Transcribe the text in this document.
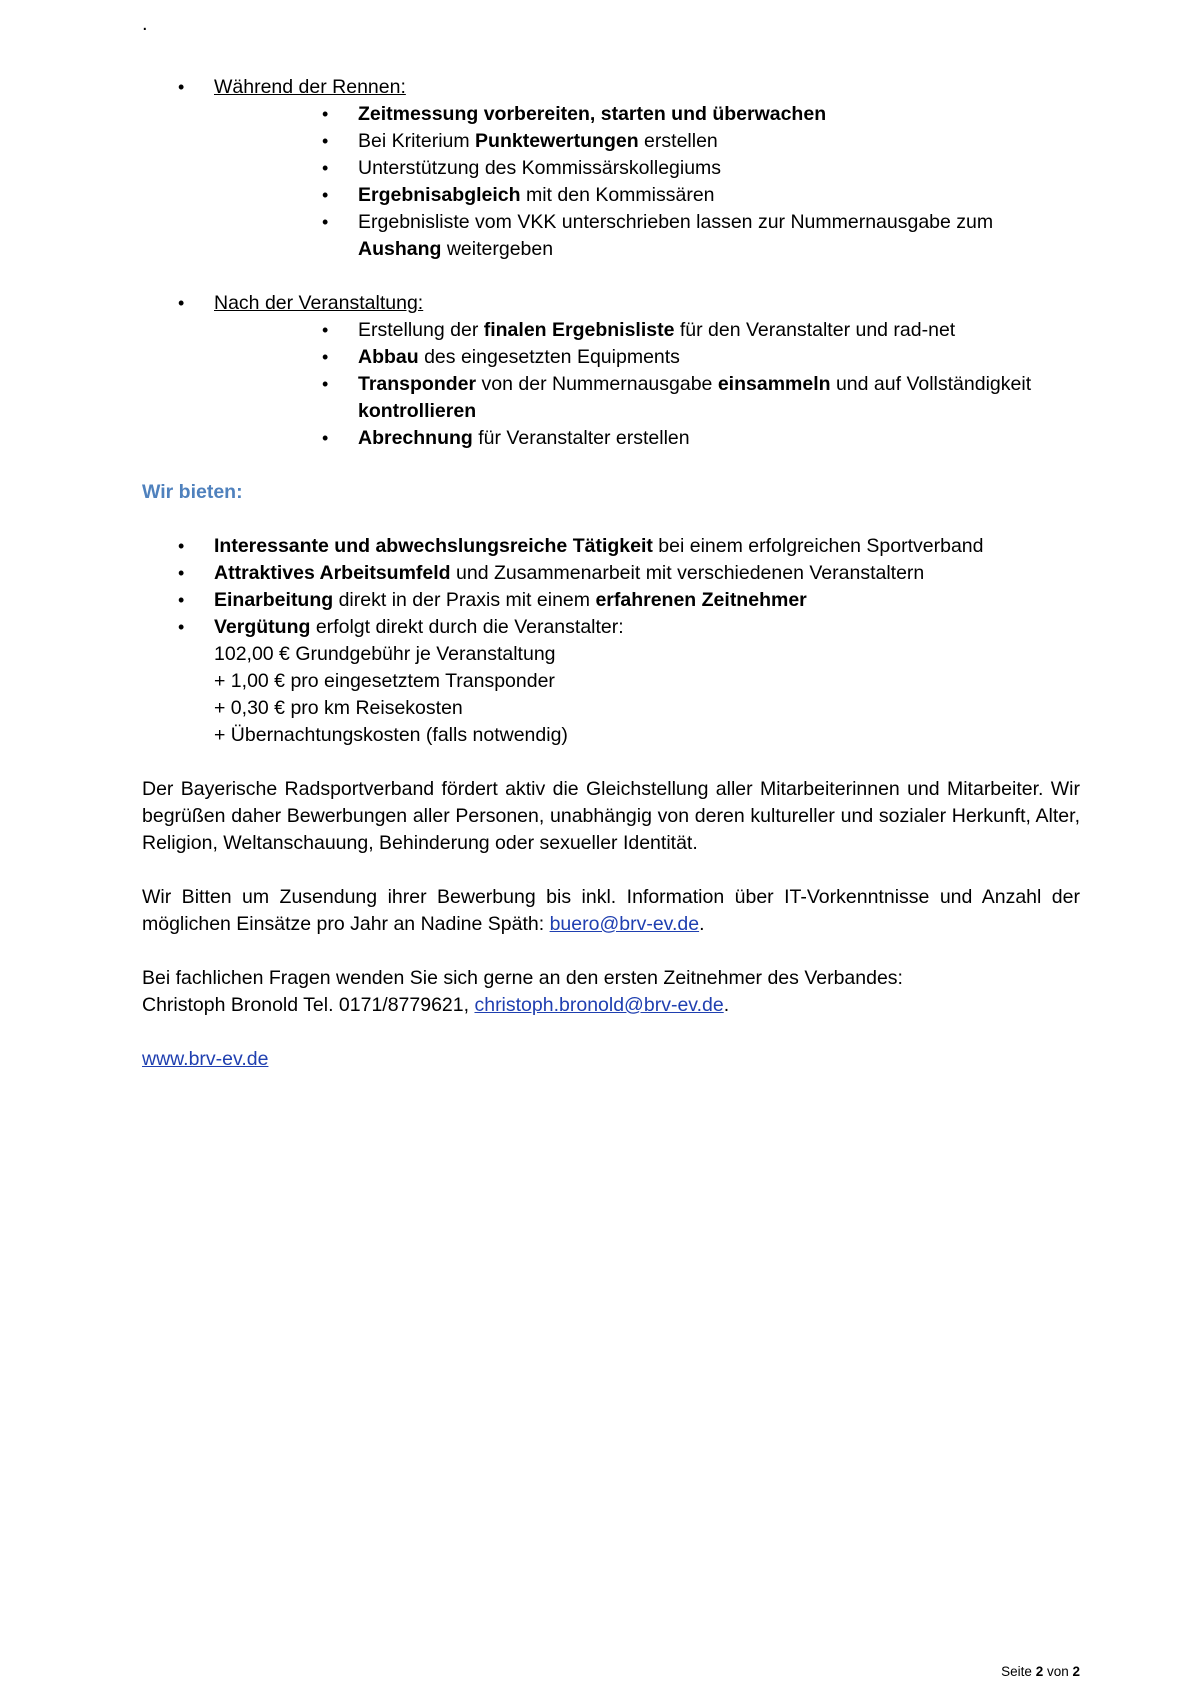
.
• Während der Rennen:
• Zeitmessung vorbereiten, starten und überwachen
• Bei Kriterium Punktewertungen erstellen
• Unterstützung des Kommissärskollegiums
• Ergebnisabgleich mit den Kommissären
• Ergebnisliste vom VKK unterschrieben lassen zur Nummernausgabe zum Aushang weitergeben
• Nach der Veranstaltung:
• Erstellung der finalen Ergebnisliste für den Veranstalter und rad-net
• Abbau des eingesetzten Equipments
• Transponder von der Nummernausgabe einsammeln und auf Vollständigkeit kontrollieren
• Abrechnung für Veranstalter erstellen

Wir bieten:

• Interessante und abwechslungsreiche Tätigkeit bei einem erfolgreichen Sportverband
• Attraktives Arbeitsumfeld und Zusammenarbeit mit verschiedenen Veranstaltern
• Einarbeitung direkt in der Praxis mit einem erfahrenen Zeitnehmer
• Vergütung erfolgt direkt durch die Veranstalter:
102,00 € Grundgebühr je Veranstaltung
+ 1,00 € pro eingesetztem Transponder
+ 0,30 € pro km Reisekosten
+ Übernachtungskosten (falls notwendig)

Der Bayerische Radsportverband fördert aktiv die Gleichstellung aller Mitarbeiterinnen und Mitarbeiter. Wir begrüßen daher Bewerbungen aller Personen, unabhängig von deren kultureller und sozialer Herkunft, Alter, Religion, Weltanschauung, Behinderung oder sexueller Identität.

Wir Bitten um Zusendung ihrer Bewerbung bis inkl. Information über IT-Vorkenntnisse und Anzahl der möglichen Einsätze pro Jahr an Nadine Späth: buero@brv-ev.de.

Bei fachlichen Fragen wenden Sie sich gerne an den ersten Zeitnehmer des Verbandes:
Christoph Bronold Tel. 0171/8779621, christoph.bronold@brv-ev.de.

www.brv-ev.de

Seite 2 von 2
